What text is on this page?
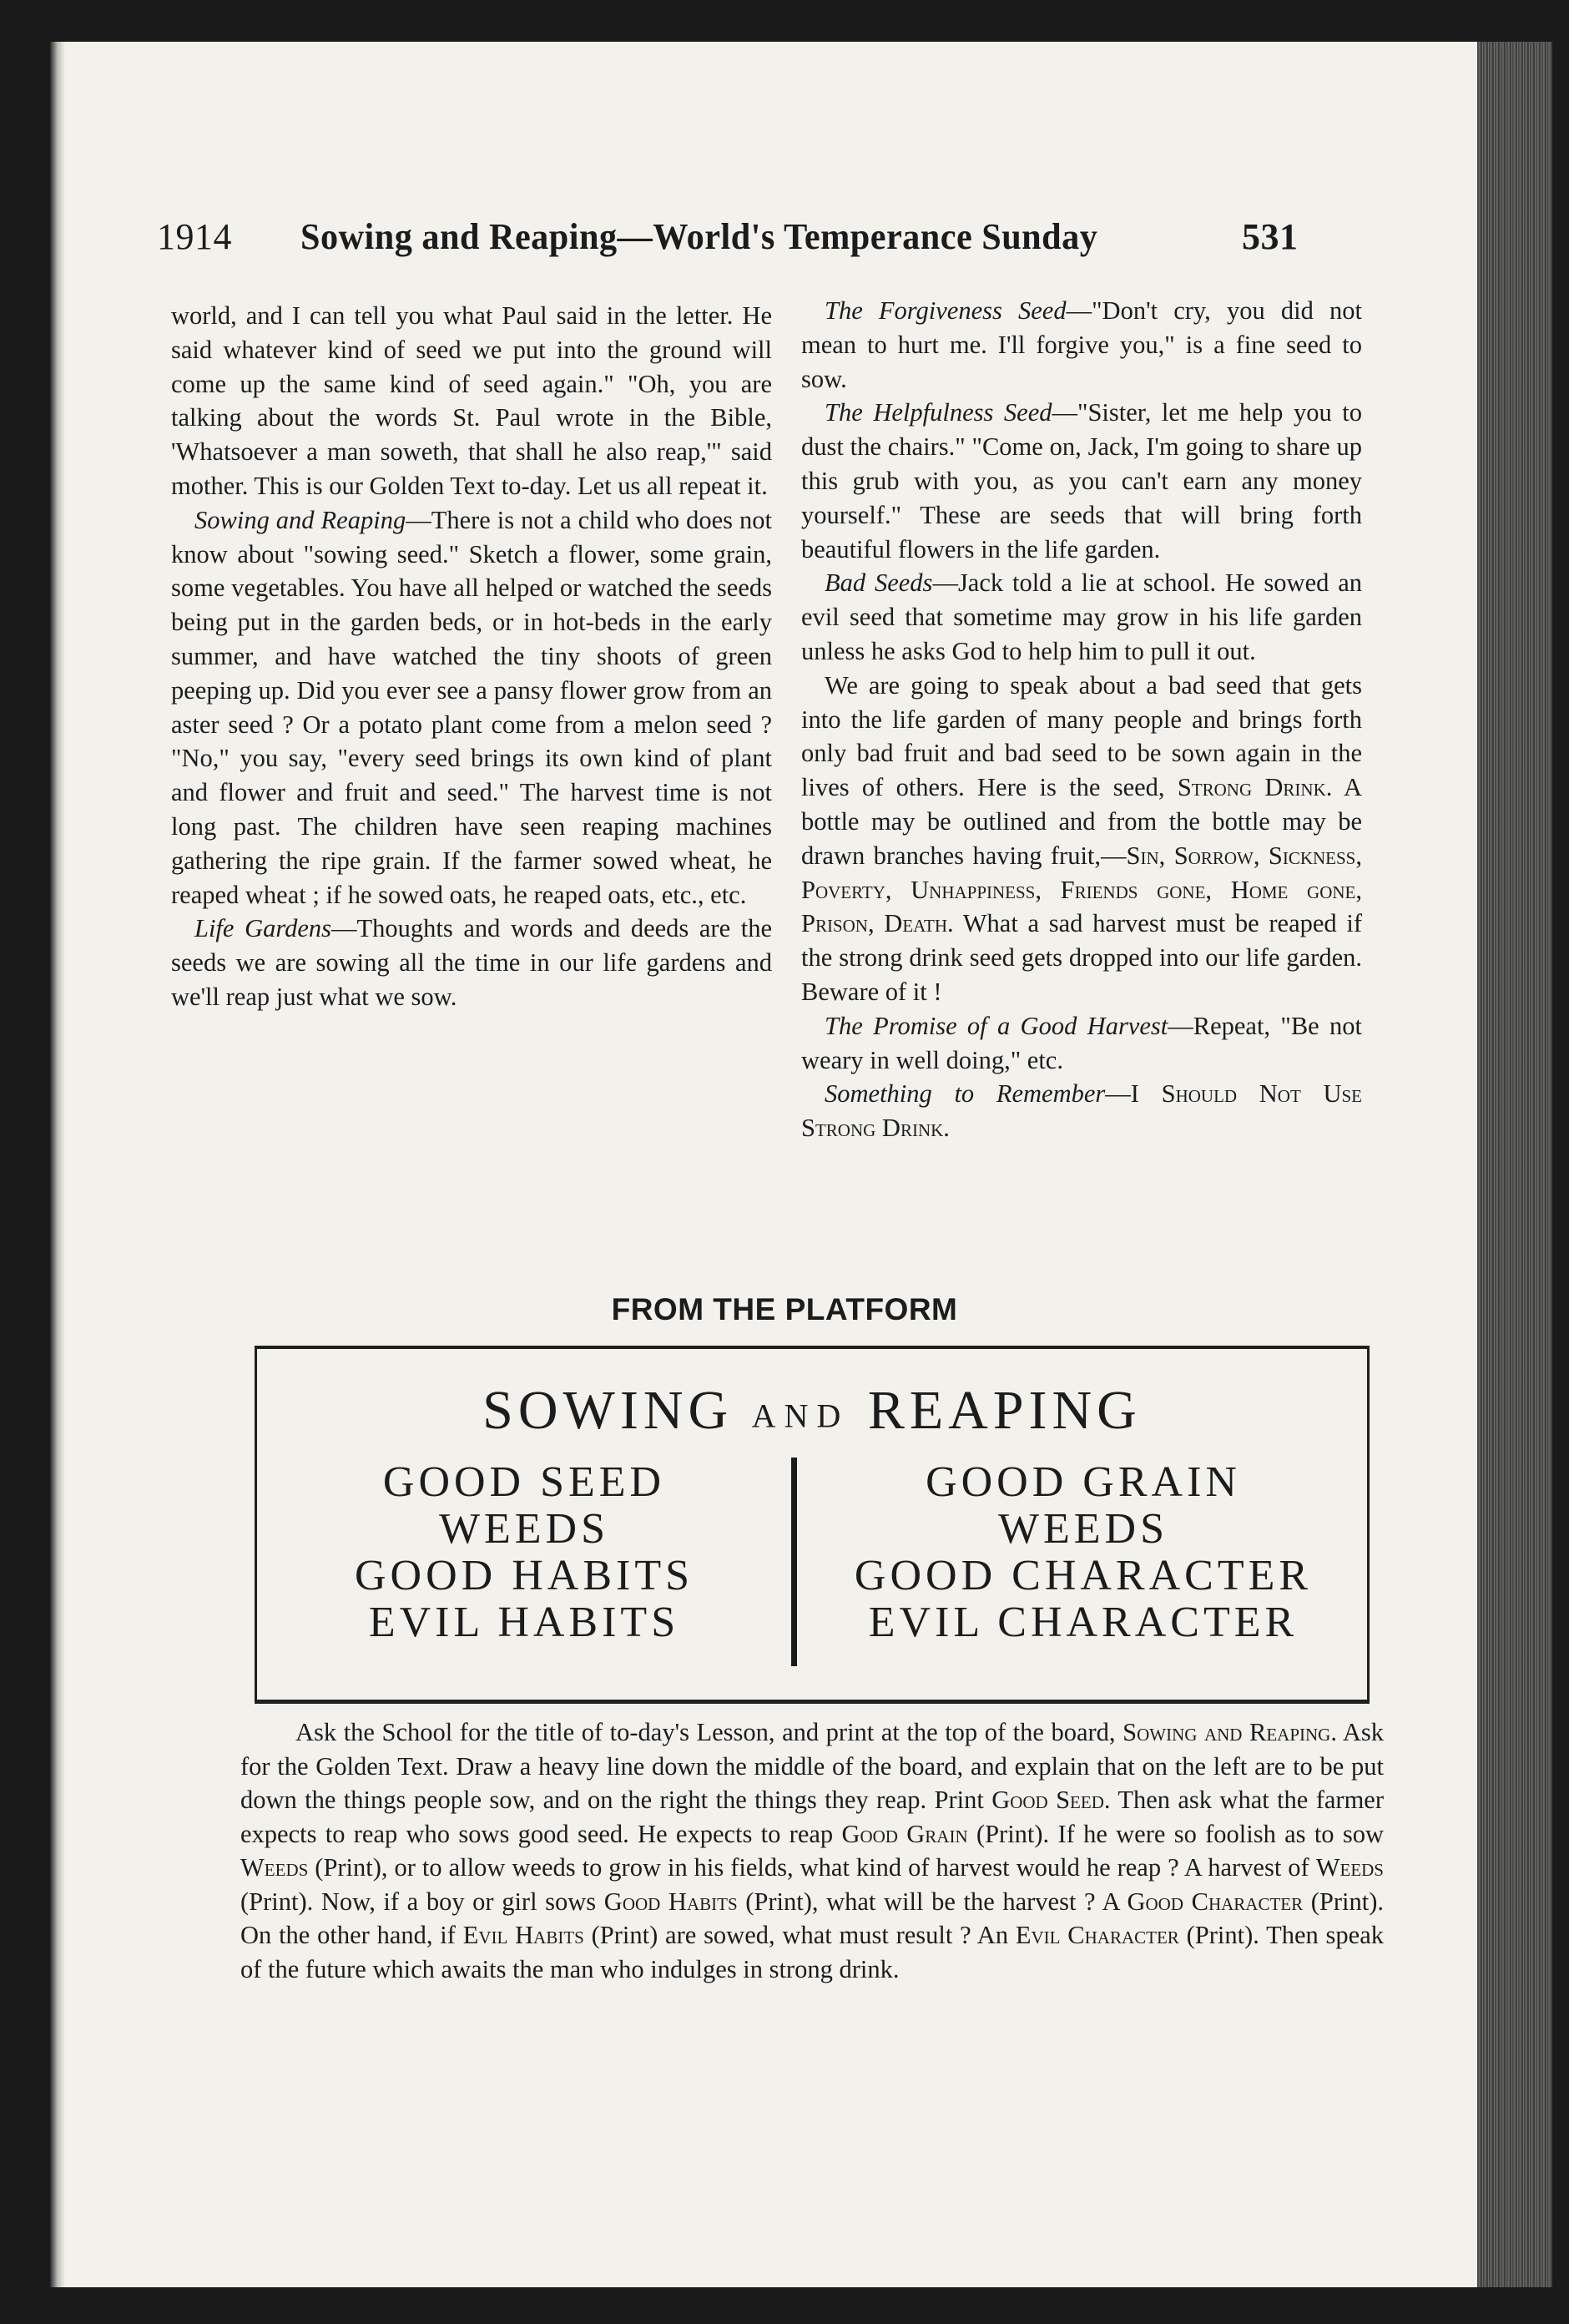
1914 Sowing and Reaping—World's Temperance Sunday	531

world, and I can tell you what Paul said in the letter. He said whatever kind of seed we put into the ground will come up the same kind of seed again." "Oh, you are talking about the words St. Paul wrote in the Bible, 'Whatsoever a man soweth, that shall he also reap,'" said mother. This is our Golden Text to-day. Let us all repeat it.

Sowing and Reaping—There is not a child who does not know about "sowing seed." Sketch a flower, some grain, some vegetables. You have all helped or watched the seeds being put in the garden beds, or in hot-beds in the early summer, and have watched the tiny shoots of green peeping up. Did you ever see a pansy flower grow from an aster seed ? Or a potato plant come from a melon seed ? "No," you say, "every seed brings its own kind of plant and flower and fruit and seed." The harvest time is not long past. The children have seen reaping machines gathering the ripe grain. If the farmer sowed wheat, he reaped wheat ; if he sowed oats, he reaped oats, etc., etc.

Life Gardens—Thoughts and words and deeds are the seeds we are sowing all the time in our life gardens and we'll reap just what we sow.

The Forgiveness Seed—"Don't cry, you did not mean to hurt me. I'll forgive you," is a fine seed to sow.

The Helpfulness Seed—"Sister, let me help you to dust the chairs." "Come on, Jack, I'm going to share up this grub with you, as you can't earn any money yourself." These are seeds that will bring forth beautiful flowers in the life garden.

Bad Seeds—Jack told a lie at school. He sowed an evil seed that sometime may grow in his life garden unless he asks God to help him to pull it out.

We are going to speak about a bad seed that gets into the life garden of many people and brings forth only bad fruit and bad seed to be sown again in the lives of others. Here is the seed, Strong Drink. A bottle may be outlined and from the bottle may be drawn branches having fruit,—Sin, Sorrow, Sickness, Poverty, Unhappiness, Friends gone, Home gone, Prison, Death. What a sad harvest must be reaped if the strong drink seed gets dropped into our life garden. Beware of it !

The Promise of a Good Harvest—Repeat, "Be not weary in well doing," etc.

Something to Remember—I Should Not Use Strong Drink.

FROM THE PLATFORM
SOWING AND REAPING
GOOD SEED
WEEDS
GOOD HABITS
EVIL HABITS
GOOD GRAIN
WEEDS
GOOD CHARACTER
EVIL CHARACTER

Ask the School for the title of to-day's Lesson, and print at the top of the board, Sowing and Reaping. Ask for the Golden Text. Draw a heavy line down the middle of the board, and explain that on the left are to be put down the things people sow, and on the right the things they reap. Print Good Seed. Then ask what the farmer expects to reap who sows good seed. He expects to reap Good Grain (Print). If he were so foolish as to sow Weeds (Print), or to allow weeds to grow in his fields, what kind of harvest would he reap ? A harvest of Weeds (Print). Now, if a boy or girl sows Good Habits (Print), what will be the harvest ? A Good Character (Print). On the other hand, if Evil Habits (Print) are sowed, what must result ? An Evil Character (Print). Then speak of the future which awaits the man who indulges in strong drink.
